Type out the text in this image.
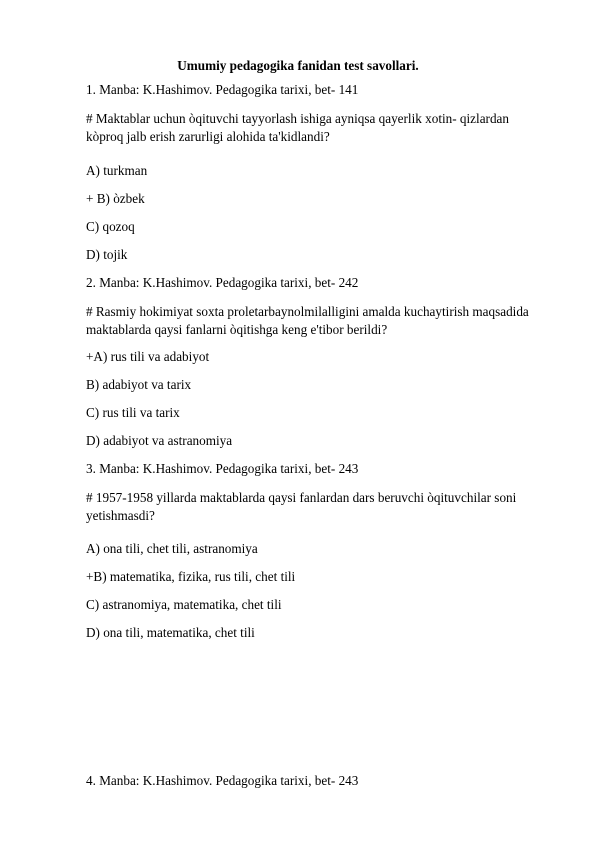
Umumiy pedagogika fanidan test savollari.
1. Manba: K.Hashimov. Pedagogika tarixi, bet- 141
# Maktablar uchun òqituvchi tayyorlash ishiga ayniqsa qayerlik xotin- qizlardan kòproq jalb erish zarurligi alohida ta'kidlandi?
A) turkman
+ B) òzbek
C) qozoq
D) tojik
2. Manba: K.Hashimov. Pedagogika tarixi, bet- 242
# Rasmiy hokimiyat soxta proletarbaynolmilalligini amalda kuchaytirish maqsadida maktablarda qaysi fanlarni òqitishga keng e'tibor berildi?
+A) rus tili va adabiyot
B) adabiyot va tarix
C) rus tili va tarix
D) adabiyot va astranomiya
3. Manba: K.Hashimov. Pedagogika tarixi, bet- 243
# 1957-1958 yillarda maktablarda qaysi fanlardan dars beruvchi òqituvchilar soni yetishmasdi?
A) ona tili, chet tili, astranomiya
+B) matematika, fizika, rus tili, chet tili
C) astranomiya, matematika, chet tili
D) ona tili, matematika, chet tili
4. Manba: K.Hashimov. Pedagogika tarixi, bet- 243
